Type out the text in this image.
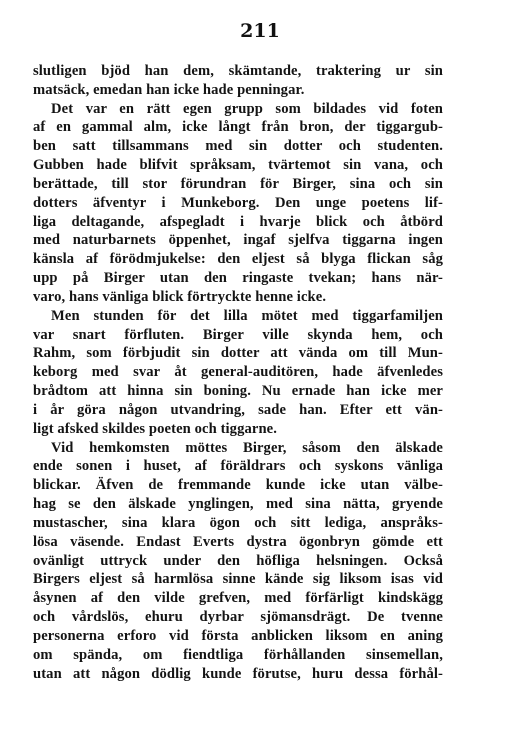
211
slutligen bjöd han dem, skämtande, traktering ur sin
matsäck, emedan han icke hade penningar.
Det var en rätt egen grupp som bildades vid foten
af en gammal alm, icke långt från bron, der tiggargub-
ben satt tillsammans med sin dotter och studenten.
Gubben hade blifvit språksam, tvärtemot sin vana, och
berättade, till stor förundran för Birger, sina och sin
dotters äfventyr i Munkeborg. Den unge poetens lif-
liga deltagande, afspegladt i hvarje blick och åtbörd
med naturbarnets öppenhet, ingaf sjelfva tiggarna ingen
känsla af förödmjukelse: den eljest så blyga flickan såg
upp på Birger utan den ringaste tvekan; hans när-
varo, hans vänliga blick förtryckte henne icke.
Men stunden för det lilla mötet med tiggarfamiljen
var snart förfluten. Birger ville skynda hem, och
Rahm, som förbjudit sin dotter att vända om till Mun-
keborg med svar åt general-auditören, hade äfvenledes
brådtom att hinna sin boning. Nu ernade han icke mer
i år göra någon utvandring, sade han. Efter ett vän-
ligt afsked skildes poeten och tiggarne.
Vid hemkomsten möttes Birger, såsom den älskade
ende sonen i huset, af föräldrars och syskons vänliga
blickar. Äfven de fremmande kunde icke utan välbe-
hag se den älskade ynglingen, med sina nätta, gryende
mustascher, sina klara ögon och sitt lediga, anspråks-
lösa väsende. Endast Everts dystra ögonbryn gömde ett
ovänligt uttryck under den höfliga helsningen. Också
Birgers eljest så harmlösa sinne kände sig liksom isas vid
åsynen af den vilde grefven, med förfärligt kindskägg
och vårdslös, ehuru dyrbar sjömansdrägt. De tvenne
personerna erforo vid första anblicken liksom en aning
om spända, om fiendtliga förhållanden sinsemellan,
utan att någon dödlig kunde förutse, huru dessa förhål-
